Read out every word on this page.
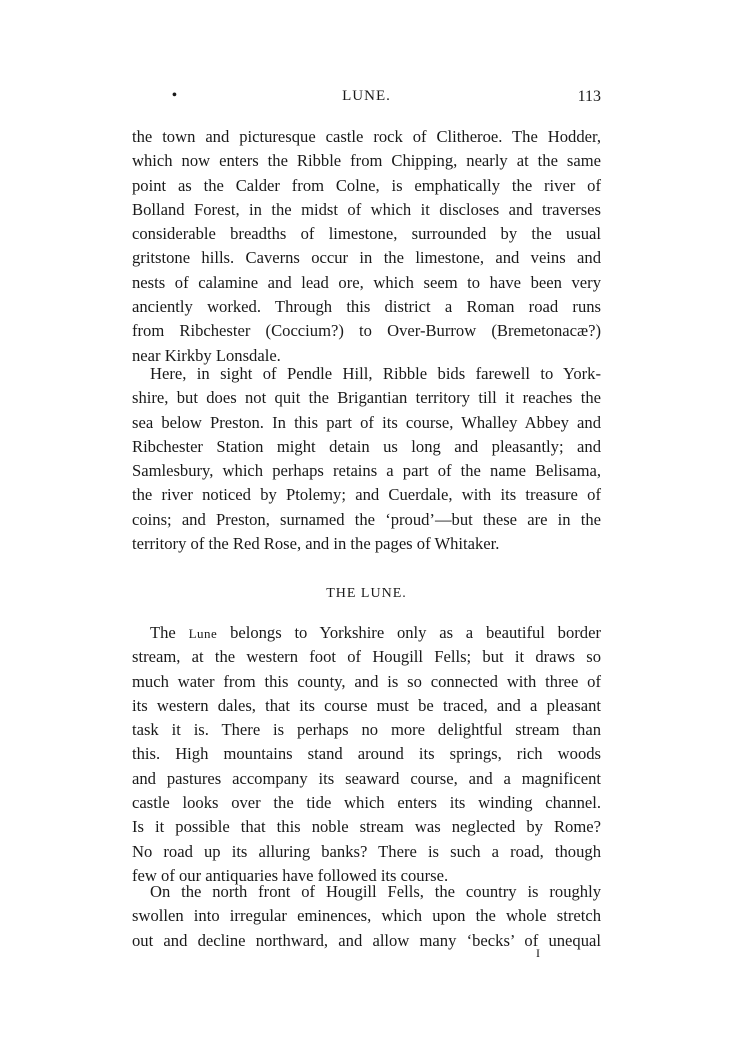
•	LUNE.	113
the town and picturesque castle rock of Clitheroe. The Hodder,
which now enters the Ribble from Chipping, nearly at the same
point as the Calder from Colne, is emphatically the river of
Bolland Forest, in the midst of which it discloses and traverses
considerable breadths of limestone, surrounded by the usual
gritstone hills. Caverns occur in the limestone, and veins and
nests of calamine and lead ore, which seem to have been very
anciently worked. Through this district a Roman road runs
from Ribchester (Coccium?) to Over-Burrow (Bremetonacæ?)
near Kirkby Lonsdale.
Here, in sight of Pendle Hill, Ribble bids farewell to York-
shire, but does not quit the Brigantian territory till it reaches the
sea below Preston. In this part of its course, Whalley Abbey and
Ribchester Station might detain us long and pleasantly; and
Samlesbury, which perhaps retains a part of the name Belisama,
the river noticed by Ptolemy; and Cuerdale, with its treasure of
coins; and Preston, surnamed the ‘proud’—but these are in the
territory of the Red Rose, and in the pages of Whitaker.
THE LUNE.
The Lune belongs to Yorkshire only as a beautiful border
stream, at the western foot of Hougill Fells; but it draws so
much water from this county, and is so connected with three of
its western dales, that its course must be traced, and a pleasant
task it is. There is perhaps no more delightful stream than
this. High mountains stand around its springs, rich woods
and pastures accompany its seaward course, and a magnificent
castle looks over the tide which enters its winding channel.
Is it possible that this noble stream was neglected by Rome?
No road up its alluring banks? There is such a road, though
few of our antiquaries have followed its course.
On the north front of Hougill Fells, the country is roughly
swollen into irregular eminences, which upon the whole stretch
out and decline northward, and allow many ‘becks’ of unequal
I
